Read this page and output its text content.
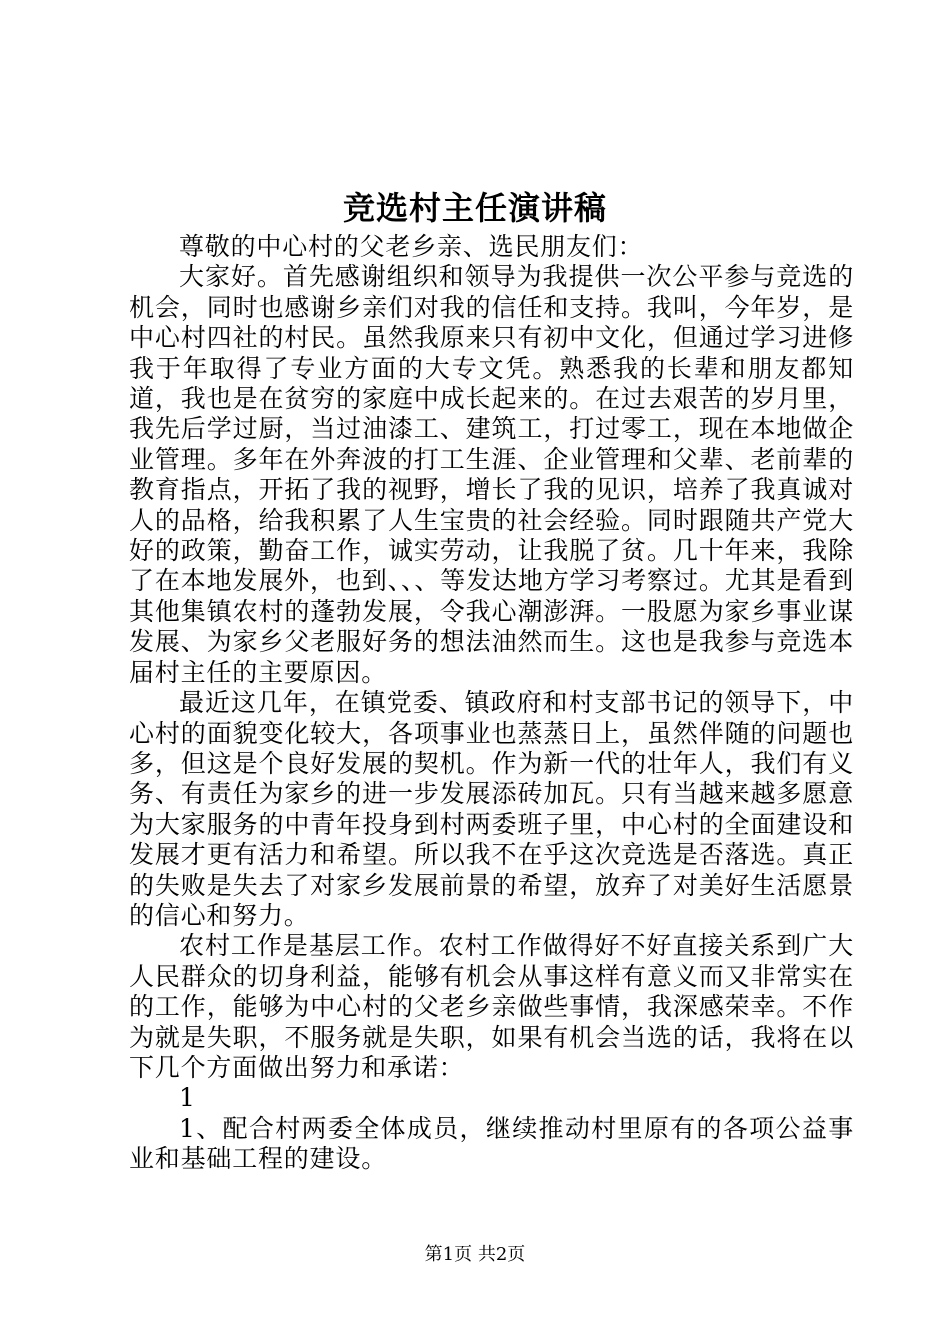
竞选村主任演讲稿

尊敬的中心村的父老乡亲、选民朋友们：

大家好。首先感谢组织和领导为我提供一次公平参与竞选的机会，同时也感谢乡亲们对我的信任和支持。我叫，今年岁，是中心村四社的村民。虽然我原来只有初中文化，但通过学习进修我于年取得了专业方面的大专文凭。熟悉我的长辈和朋友都知道，我也是在贫穷的家庭中成长起来的。在过去艰苦的岁月里，我先后学过厨，当过油漆工、建筑工，打过零工，现在本地做企业管理。多年在外奔波的打工生涯、企业管理和父辈、老前辈的教育指点，开拓了我的视野，增长了我的见识，培养了我真诚对人的品格，给我积累了人生宝贵的社会经验。同时跟随共产党大好的政策，勤奋工作，诚实劳动，让我脱了贫。几十年来，我除了在本地发展外，也到、、、等发达地方学习考察过。尤其是看到其他集镇农村的蓬勃发展，令我心潮澎湃。一股愿为家乡事业谋发展、为家乡父老服好务的想法油然而生。这也是我参与竞选本届村主任的主要原因。

最近这几年，在镇党委、镇政府和村支部书记的领导下，中心村的面貌变化较大，各项事业也蒸蒸日上，虽然伴随的问题也多，但这是个良好发展的契机。作为新一代的壮年人，我们有义务、有责任为家乡的进一步发展添砖加瓦。只有当越来越多愿意为大家服务的中青年投身到村两委班子里，中心村的全面建设和发展才更有活力和希望。所以我不在乎这次竞选是否落选。真正的失败是失去了对家乡发展前景的希望，放弃了对美好生活愿景的信心和努力。

农村工作是基层工作。农村工作做得好不好直接关系到广大人民群众的切身利益，能够有机会从事这样有意义而又非常实在的工作，能够为中心村的父老乡亲做些事情，我深感荣幸。不作为就是失职，不服务就是失职，如果有机会当选的话，我将在以下几个方面做出努力和承诺：

1

1、配合村两委全体成员，继续推动村里原有的各项公益事业和基础工程的建设。

第1页 共2页
